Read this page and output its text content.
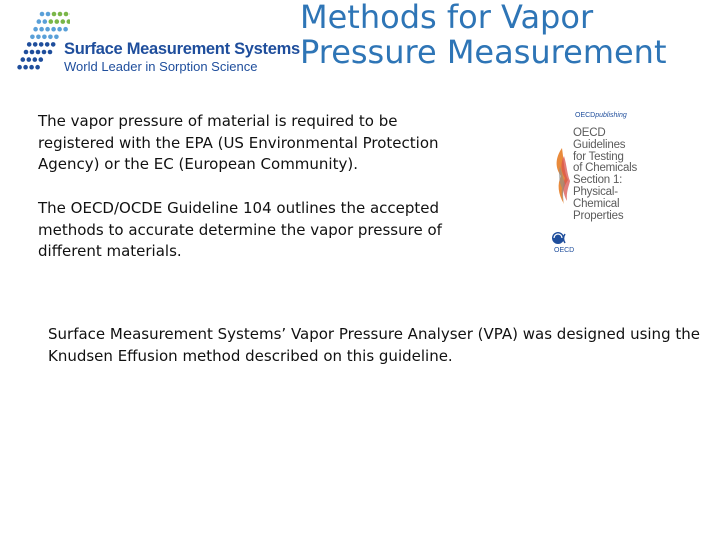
Surface Measurement Systems
World Leader in Sorption Science
Methods for Vapor
Pressure Measurement

The vapor pressure of material is required to be registered with the EPA (US Environmental Protection Agency) or the EC (European Community).

The OECD/OCDE Guideline 104 outlines the accepted methods to accurate determine the vapor pressure of different materials.

Surface Measurement Systems’ Vapor Pressure Analyser (VPA) was designed using the Knudsen Effusion method described on this guideline.

OECDpublishing
OECD
Guidelines
for Testing
of Chemicals
Section 1:
Physical-
Chemical
Properties
OECD
